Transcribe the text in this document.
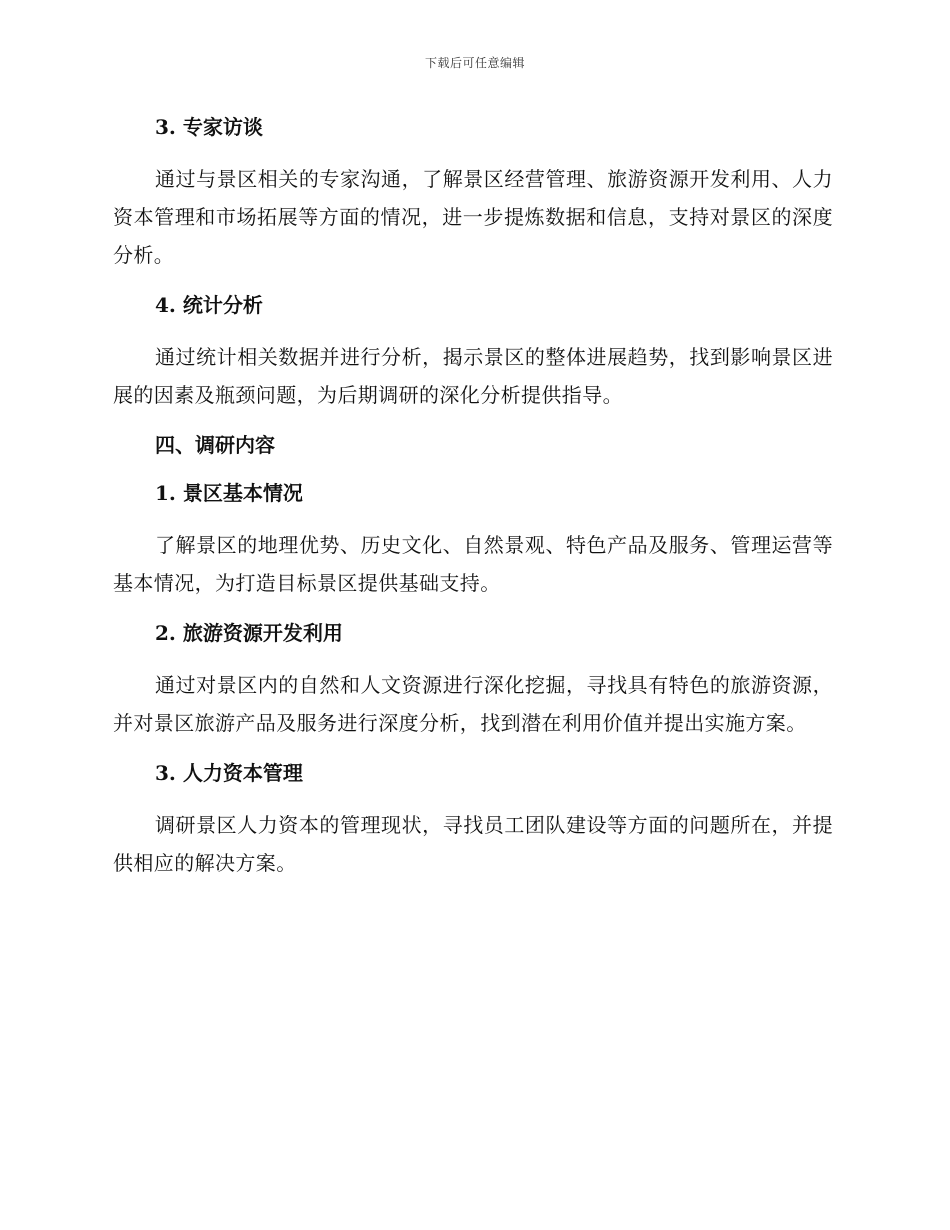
下载后可任意编辑
3. 专家访谈

通过与景区相关的专家沟通，了解景区经营管理、旅游资源开发利用、人力资本管理和市场拓展等方面的情况，进一步提炼数据和信息，支持对景区的深度分析。

4. 统计分析

通过统计相关数据并进行分析，揭示景区的整体进展趋势，找到影响景区进展的因素及瓶颈问题，为后期调研的深化分析提供指导。

四、调研内容
1. 景区基本情况

了解景区的地理优势、历史文化、自然景观、特色产品及服务、管理运营等基本情况，为打造目标景区提供基础支持。

2. 旅游资源开发利用

通过对景区内的自然和人文资源进行深化挖掘，寻找具有特色的旅游资源，并对景区旅游产品及服务进行深度分析，找到潜在利用价值并提出实施方案。

3. 人力资本管理

调研景区人力资本的管理现状，寻找员工团队建设等方面的问题所在，并提供相应的解决方案。
